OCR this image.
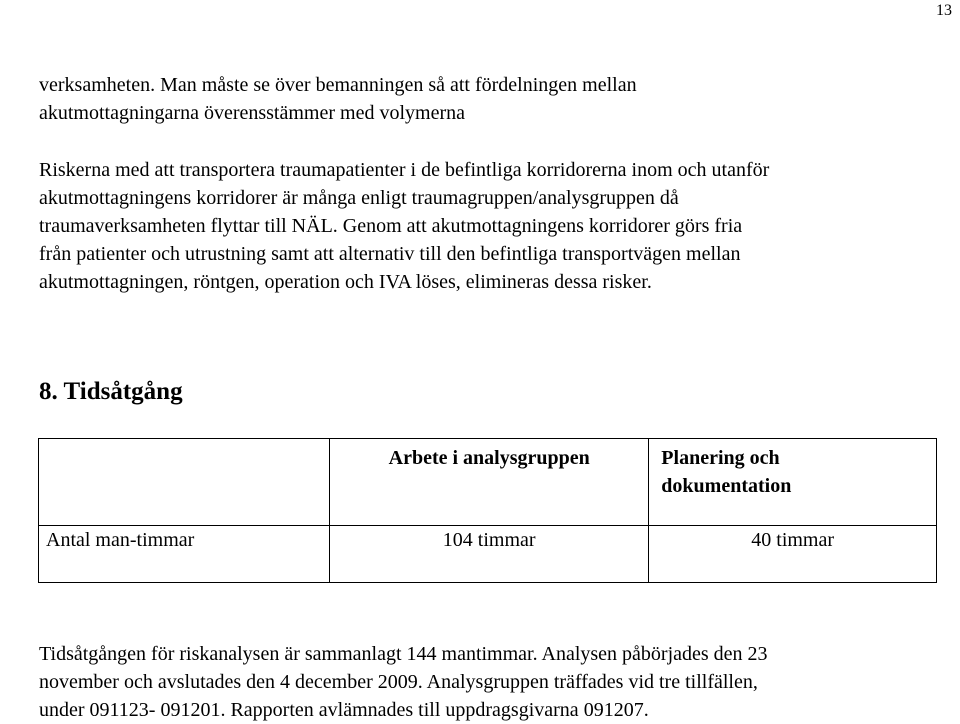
13

verksamheten. Man måste se över bemanningen så att fördelningen mellan
akutmottagningarna överensstämmer med volymerna

Riskerna med att transportera traumapatienter i de befintliga korridorerna inom och utanför
akutmottagningens korridorer är många enligt traumagruppen/analysgruppen då
traumaverksamheten flyttar till NÄL. Genom att akutmottagningens korridorer görs fria
från patienter och utrustning samt att alternativ till den befintliga transportvägen mellan
akutmottagningen, röntgen, operation och IVA löses, elimineras dessa risker.

8. Tidsåtgång

	Arbete i analysgruppen	Planering och dokumentation

Antal man-timmar	104 timmar	40 timmar

Tidsåtgången för riskanalysen är sammanlagt 144 mantimmar. Analysen påbörjades den 23
november och avslutades den 4 december 2009. Analysgruppen träffades vid tre tillfällen,
under 091123- 091201. Rapporten avlämnades till uppdragsgivarna 091207.
